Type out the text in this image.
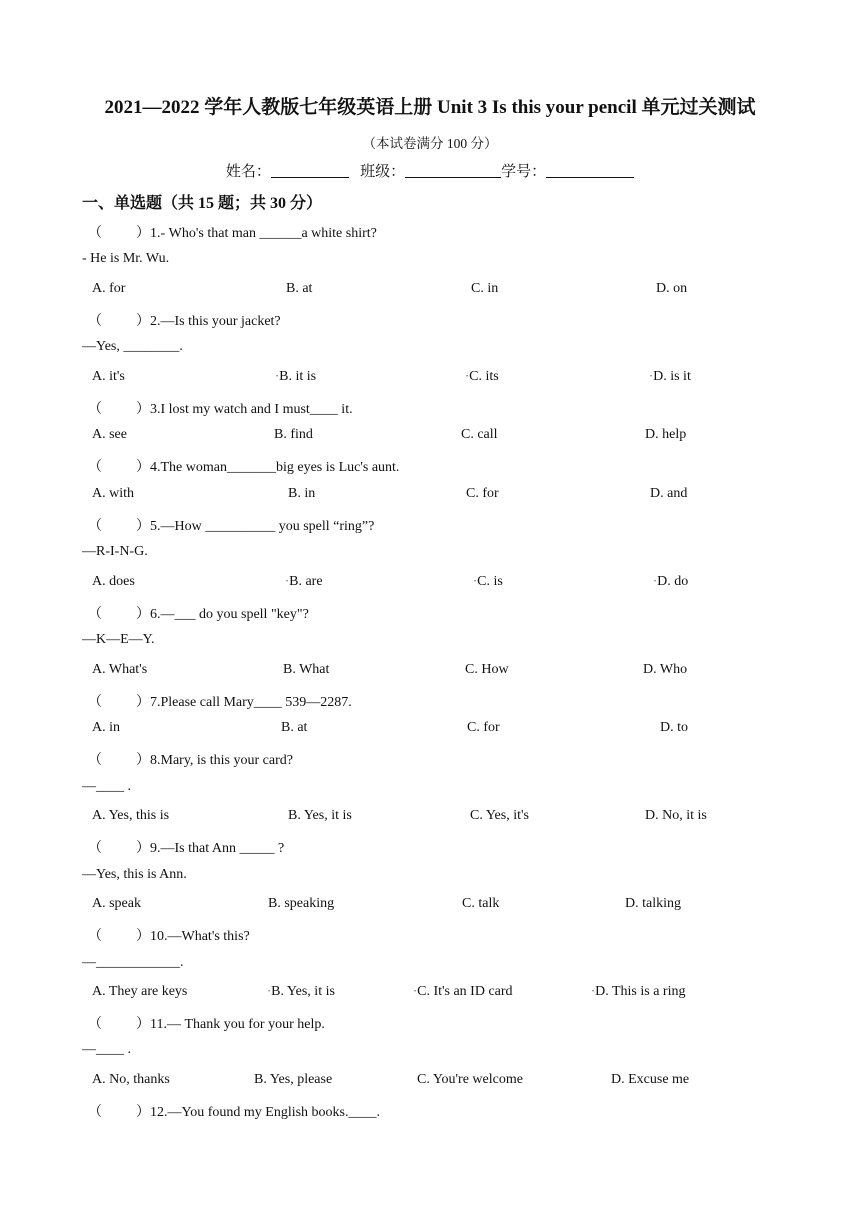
2021—2022 学年人教版七年级英语上册 Unit 3 Is this your pencil 单元过关测试
（本试卷满分 100 分）
姓名：	班级：	学号：
一、单选题（共 15 题；共 30 分）
（ ）1.- Who's that man ______a white shirt?
- He is Mr. Wu.
A. for	B. at	C. in	D. on
（ ）2.—Is this your jacket?
—Yes, ________.
A. it's	•B. it is	•C. its	•D. is it
（ ）3.I lost my watch and I must____ it.
A. see	B. find	C. call	D. help
（ ）4.The woman_______big eyes is Luc's aunt.
A. with	B. in	C. for	D. and
（ ）5.—How __________ you spell “ring”?
—R-I-N-G.
A. does	•B. are	•C. is	•D. do
（ ）6.—___ do you spell "key"?
—K—E—Y.
A. What's	B. What	C. How	D. Who
（ ）7.Please call Mary____ 539—2287.
A. in	B. at	C. for	D. to
（ ）8.Mary, is this your card?
—____ .
A. Yes, this is	B. Yes, it is	C. Yes, it's	D. No, it is
（ ）9.—Is that Ann _____ ?
—Yes, this is Ann.
A. speak	B. speaking	C. talk	D. talking
（ ）10.—What's this?
—____________.
A. They are keys	•B. Yes, it is	•C. It's an ID card	•D. This is a ring
（ ）11.— Thank you for your help.
—____ .
A. No, thanks	B. Yes, please	C. You're welcome	D. Excuse me
（ ）12.—You found my English books.____.
